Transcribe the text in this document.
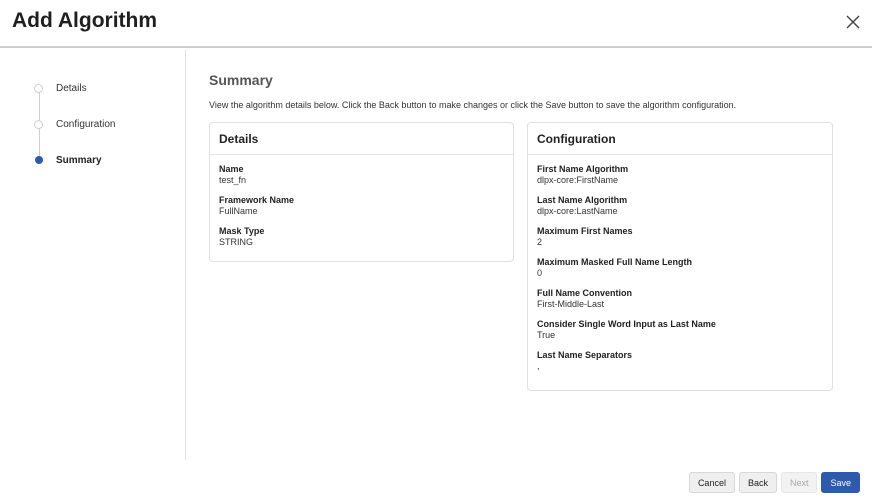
Add Algorithm
Details
Configuration
Summary
Summary
View the algorithm details below. Click the Back button to make changes or click the Save button to save the algorithm configuration.
Details
Name
test_fn
Framework Name
FullName
Mask Type
STRING
Configuration
First Name Algorithm
dlpx-core:FirstName
Last Name Algorithm
dlpx-core:LastName
Maximum First Names
2
Maximum Masked Full Name Length
0
Full Name Convention
First-Middle-Last
Consider Single Word Input as Last Name
True
Last Name Separators
,
Cancel	Back	Next	Save
